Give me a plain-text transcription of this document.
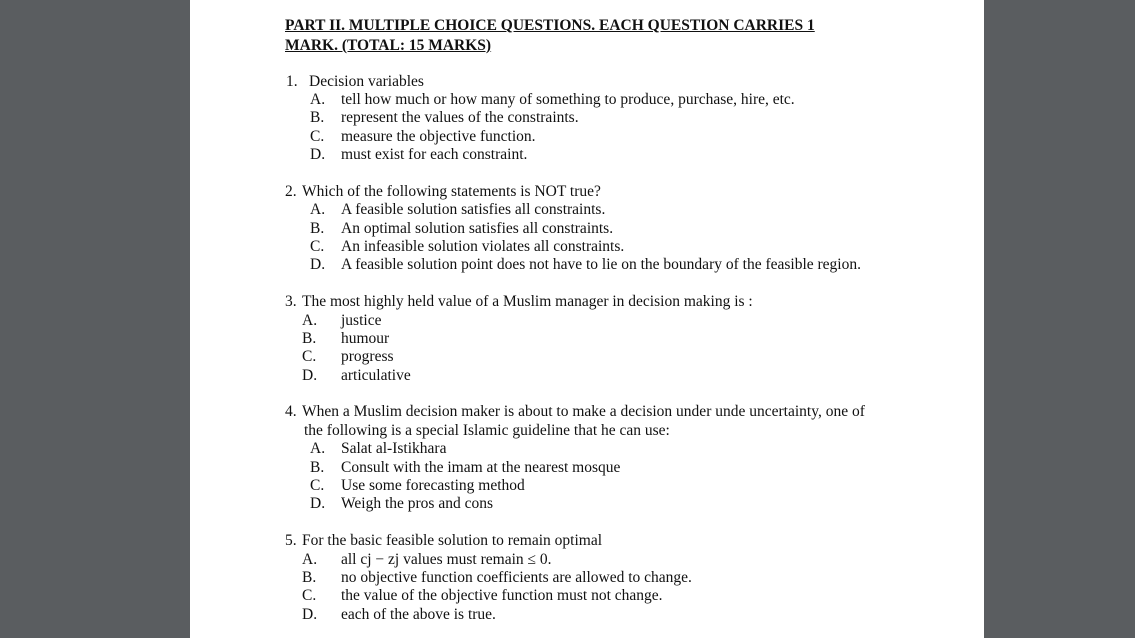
PART II. MULTIPLE CHOICE QUESTIONS. EACH QUESTION CARRIES 1
MARK. (TOTAL: 15 MARKS)

1. Decision variables

A. tell how much or how many of something to produce, purchase, hire, etc.

B. represent the values of the constraints.

C. measure the objective function.

D. must exist for each constraint.

2. Which of the following statements is NOT true?

A. A feasible solution satisfies all constraints.

B. An optimal solution satisfies all constraints.

C. An infeasible solution violates all constraints.

D. A feasible solution point does not have to lie on the boundary of the feasible region.

3. The most highly held value of a Muslim manager in decision making is :

A. justice

B. humour

C. progress

D. articulative

4. When a Muslim decision maker is about to make a decision under unde uncertainty, one of

the following is a special Islamic guideline that he can use:

A. Salat al-Istikhara

B. Consult with the imam at the nearest mosque

C. Use some forecasting method

D. Weigh the pros and cons

5. For the basic feasible solution to remain optimal

A. all cj − zj values must remain ≤ 0.

B. no objective function coefficients are allowed to change.

C. the value of the objective function must not change.

D. each of the above is true.
